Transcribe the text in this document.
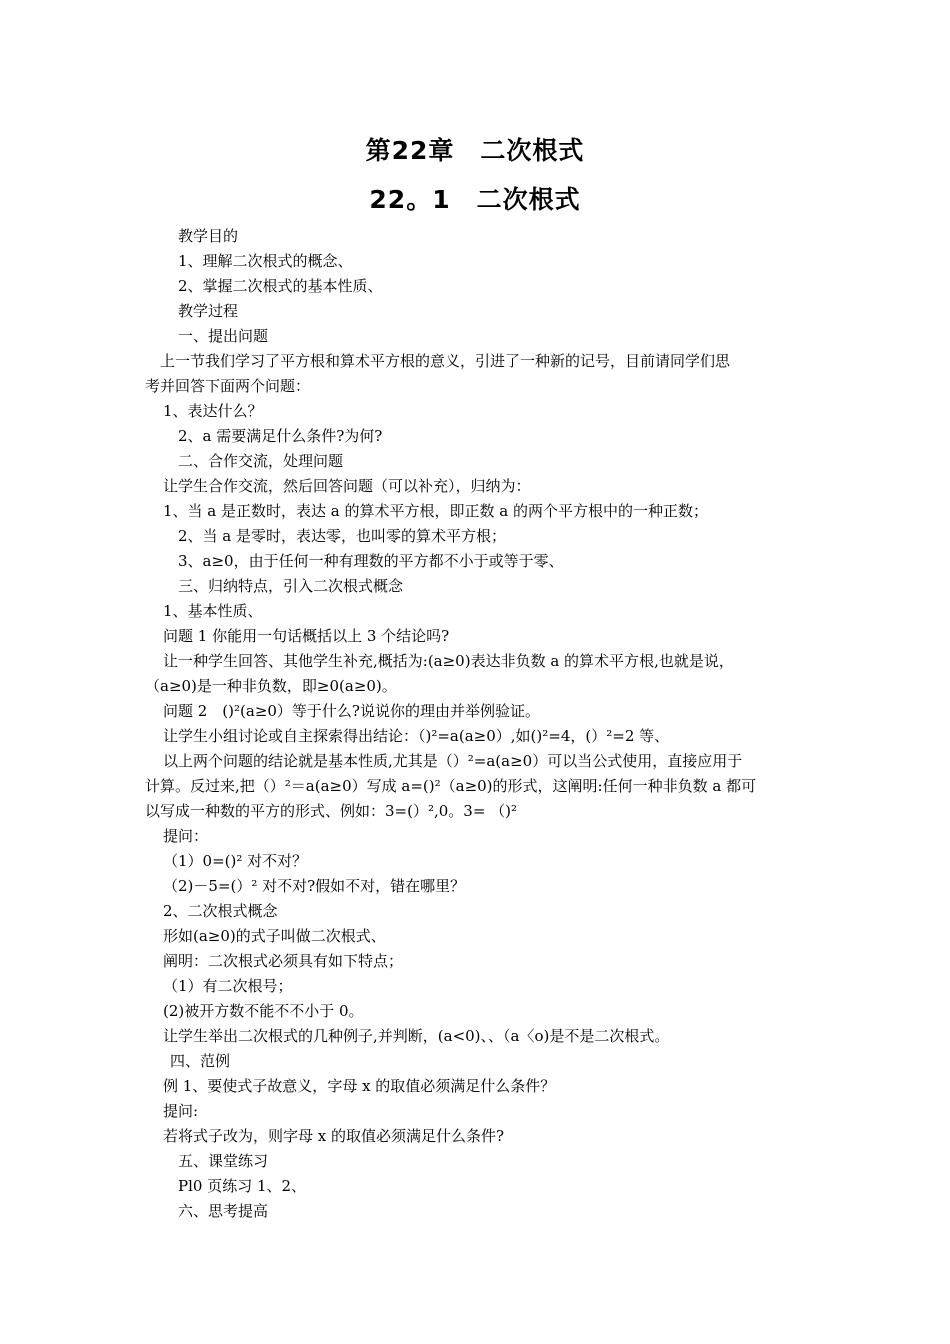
第22章　二次根式
22。1　二次根式
教学目的
1、理解二次根式的概念、
2、掌握二次根式的基本性质、
教学过程
一、提出问题
上一节我们学习了平方根和算术平方根的意义，引进了一种新的记号，目前请同学们思
考并回答下面两个问题：
1、表达什么？
2、a 需要满足什么条件?为何?
二、合作交流，处理问题
让学生合作交流，然后回答问题（可以补充），归纳为：
1、当 a 是正数时，表达 a 的算术平方根，即正数 a 的两个平方根中的一种正数；
2、当 a 是零时，表达零，也叫零的算术平方根；
3、a≥0，由于任何一种有理数的平方都不小于或等于零、
三、归纳特点，引入二次根式概念
1、基本性质、
问题 1 你能用一句话概括以上 3 个结论吗?
让一种学生回答、其他学生补充,概括为:(a≥0)表达非负数 a 的算术平方根,也就是说，
（a≥0)是一种非负数，即≥0(a≥0)。
问题 2　()²(a≥0）等于什么?说说你的理由并举例验证。
让学生小组讨论或自主探索得出结论：（)²=a(a≥0）,如()²=4，(）²=2 等、
以上两个问题的结论就是基本性质,尤其是（）²=a(a≥0）可以当公式使用，直接应用于
计算。反过来,把（）²＝a(a≥0）写成 a=()²（a≥0)的形式，这阐明:任何一种非负数 a 都可
以写成一种数的平方的形式、例如：3=(）²,0。3= （)²
提问：
（1）0=()² 对不对？
（2)－5=(）² 对不对?假如不对，错在哪里？
2、二次根式概念
形如(a≥0)的式子叫做二次根式、
阐明：二次根式必须具有如下特点；
（1）有二次根号；
(2)被开方数不能不不小于 0。
让学生举出二次根式的几种例子,并判断，(a<0)、、（a〈o)是不是二次根式。
四、范例
例 1、要使式子故意义，字母 x 的取值必须满足什么条件？
提问:
若将式子改为，则字母 x 的取值必须满足什么条件?
五、课堂练习
Pl0 页练习 1、2、
六、思考提高
